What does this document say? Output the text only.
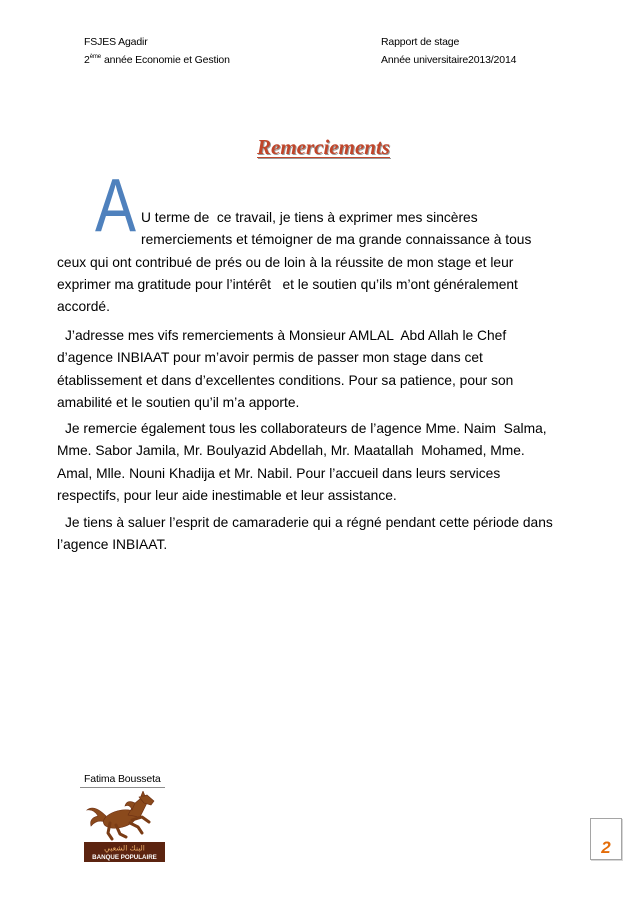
FSJES Agadir
2ème année Economie et Gestion
Rapport de stage
Année universitaire2013/2014
Remerciements
A U terme de  ce travail, je tiens à exprimer mes sincères
remerciements et témoigner de ma grande connaissance à tous
ceux qui ont contribué de prés ou de loin à la réussite de mon stage et leur
exprimer ma gratitude pour l’intérêt   et le soutien qu’ils m’ont généralement
accordé.
J’adresse mes vifs remerciements à Monsieur AMLAL  Abd Allah le Chef
d’agence INBIAAT pour m’avoir permis de passer mon stage dans cet
établissement et dans d’excellentes conditions. Pour sa patience, pour son
amabilité et le soutien qu’il m’a apporte.
Je remercie également tous les collaborateurs de l’agence Mme. Naim  Salma,
Mme. Sabor Jamila, Mr. Boulyazid Abdellah, Mr. Maatallah  Mohamed, Mme.
Amal, Mlle. Nouni Khadija et Mr. Nabil. Pour l’accueil dans leurs services
respectifs, pour leur aide inestimable et leur assistance.
Je tiens à saluer l’esprit de camaraderie qui a régné pendant cette période dans
l’agence INBIAAT.
Fatima Bousseta
البنك الشعبي
BANQUE POPULAIRE
2
